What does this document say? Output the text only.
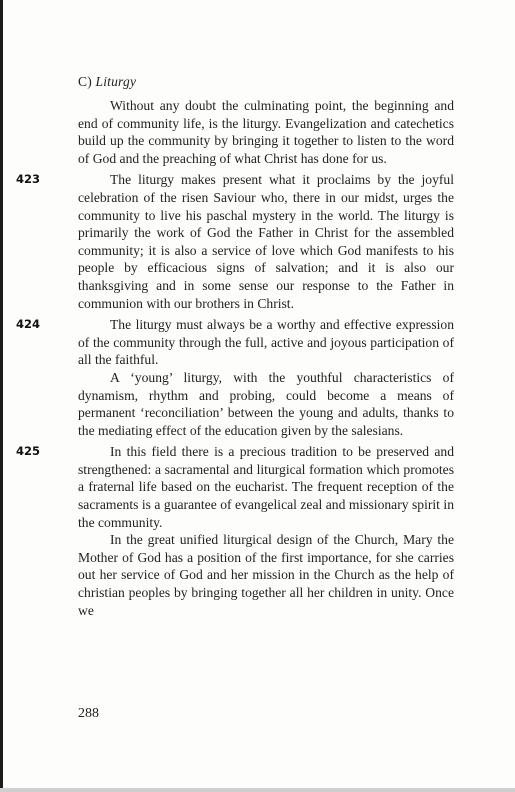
C) Liturgy

Without any doubt the culminating point, the beginning and end of community life, is the liturgy. Evangelization and catechetics build up the community by bringing it together to listen to the word of God and the preaching of what Christ has done for us.

423	The liturgy makes present what it proclaims by the joyful celebration of the risen Saviour who, there in our midst, urges the community to live his paschal mystery in the world. The liturgy is primarily the work of God the Father in Christ for the assembled community; it is also a service of love which God manifests to his people by efficacious signs of salvation; and it is also our thanksgiving and in some sense our response to the Father in communion with our brothers in Christ.

424	The liturgy must always be a worthy and effective expression of the community through the full, active and joyous participation of all the faithful.

A ‘young’ liturgy, with the youthful characteristics of dynamism, rhythm and probing, could become a means of permanent ‘reconciliation’ between the young and adults, thanks to the mediating effect of the education given by the salesians.

425	In this field there is a precious tradition to be preserved and strengthened: a sacramental and liturgical formation which promotes a fraternal life based on the eucharist. The frequent reception of the sacraments is a guarantee of evangelical zeal and missionary spirit in the community.

In the great unified liturgical design of the Church, Mary the Mother of God has a position of the first importance, for she carries out her service of God and her mission in the Church as the help of christian peoples by bringing together all her children in unity. Once we

288
